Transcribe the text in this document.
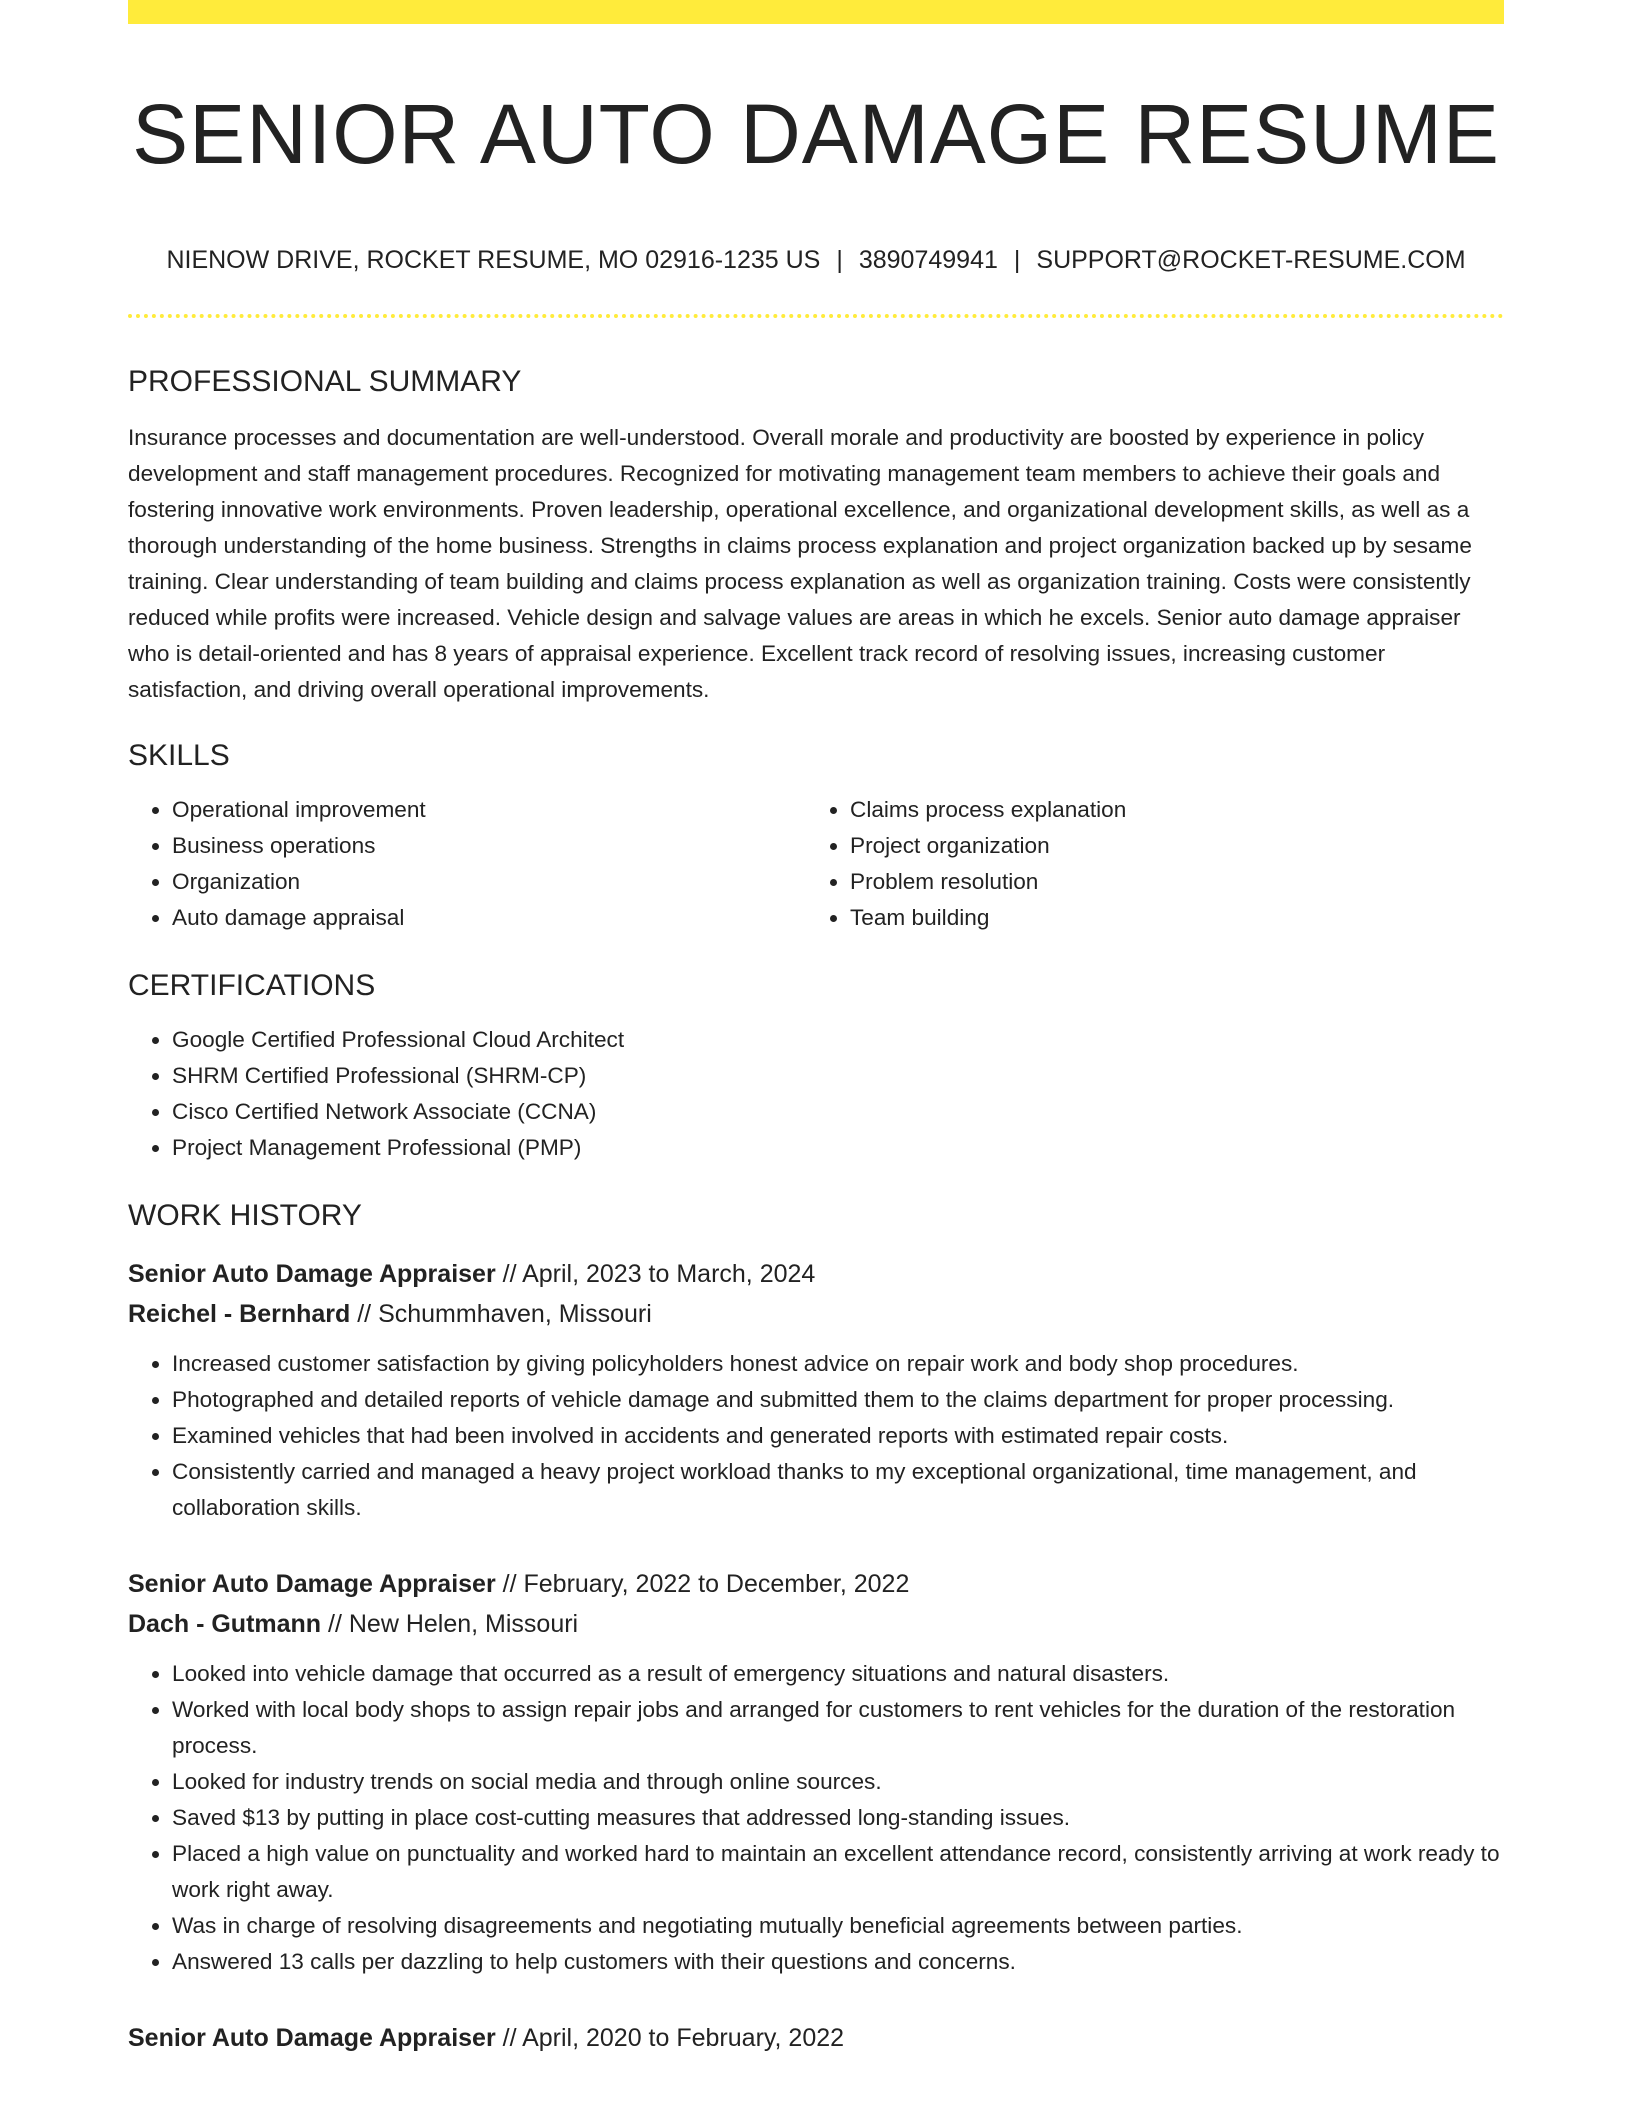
SENIOR AUTO DAMAGE RESUME
NIENOW DRIVE, ROCKET RESUME, MO 02916-1235 US | 3890749941 | SUPPORT@ROCKET-RESUME.COM
PROFESSIONAL SUMMARY
Insurance processes and documentation are well-understood. Overall morale and productivity are boosted by experience in policy development and staff management procedures. Recognized for motivating management team members to achieve their goals and fostering innovative work environments. Proven leadership, operational excellence, and organizational development skills, as well as a thorough understanding of the home business. Strengths in claims process explanation and project organization backed up by sesame training. Clear understanding of team building and claims process explanation as well as organization training. Costs were consistently reduced while profits were increased. Vehicle design and salvage values are areas in which he excels. Senior auto damage appraiser who is detail-oriented and has 8 years of appraisal experience. Excellent track record of resolving issues, increasing customer satisfaction, and driving overall operational improvements.
SKILLS
• Operational improvement
• Business operations
• Organization
• Auto damage appraisal
• Claims process explanation
• Project organization
• Problem resolution
• Team building
CERTIFICATIONS
• Google Certified Professional Cloud Architect
• SHRM Certified Professional (SHRM-CP)
• Cisco Certified Network Associate (CCNA)
• Project Management Professional (PMP)
WORK HISTORY
Senior Auto Damage Appraiser // April, 2023 to March, 2024
Reichel - Bernhard // Schummhaven, Missouri
• Increased customer satisfaction by giving policyholders honest advice on repair work and body shop procedures.
• Photographed and detailed reports of vehicle damage and submitted them to the claims department for proper processing.
• Examined vehicles that had been involved in accidents and generated reports with estimated repair costs.
• Consistently carried and managed a heavy project workload thanks to my exceptional organizational, time management, and collaboration skills.
Senior Auto Damage Appraiser // February, 2022 to December, 2022
Dach - Gutmann // New Helen, Missouri
• Looked into vehicle damage that occurred as a result of emergency situations and natural disasters.
• Worked with local body shops to assign repair jobs and arranged for customers to rent vehicles for the duration of the restoration process.
• Looked for industry trends on social media and through online sources.
• Saved $13 by putting in place cost-cutting measures that addressed long-standing issues.
• Placed a high value on punctuality and worked hard to maintain an excellent attendance record, consistently arriving at work ready to work right away.
• Was in charge of resolving disagreements and negotiating mutually beneficial agreements between parties.
• Answered 13 calls per dazzling to help customers with their questions and concerns.
Senior Auto Damage Appraiser // April, 2020 to February, 2022
